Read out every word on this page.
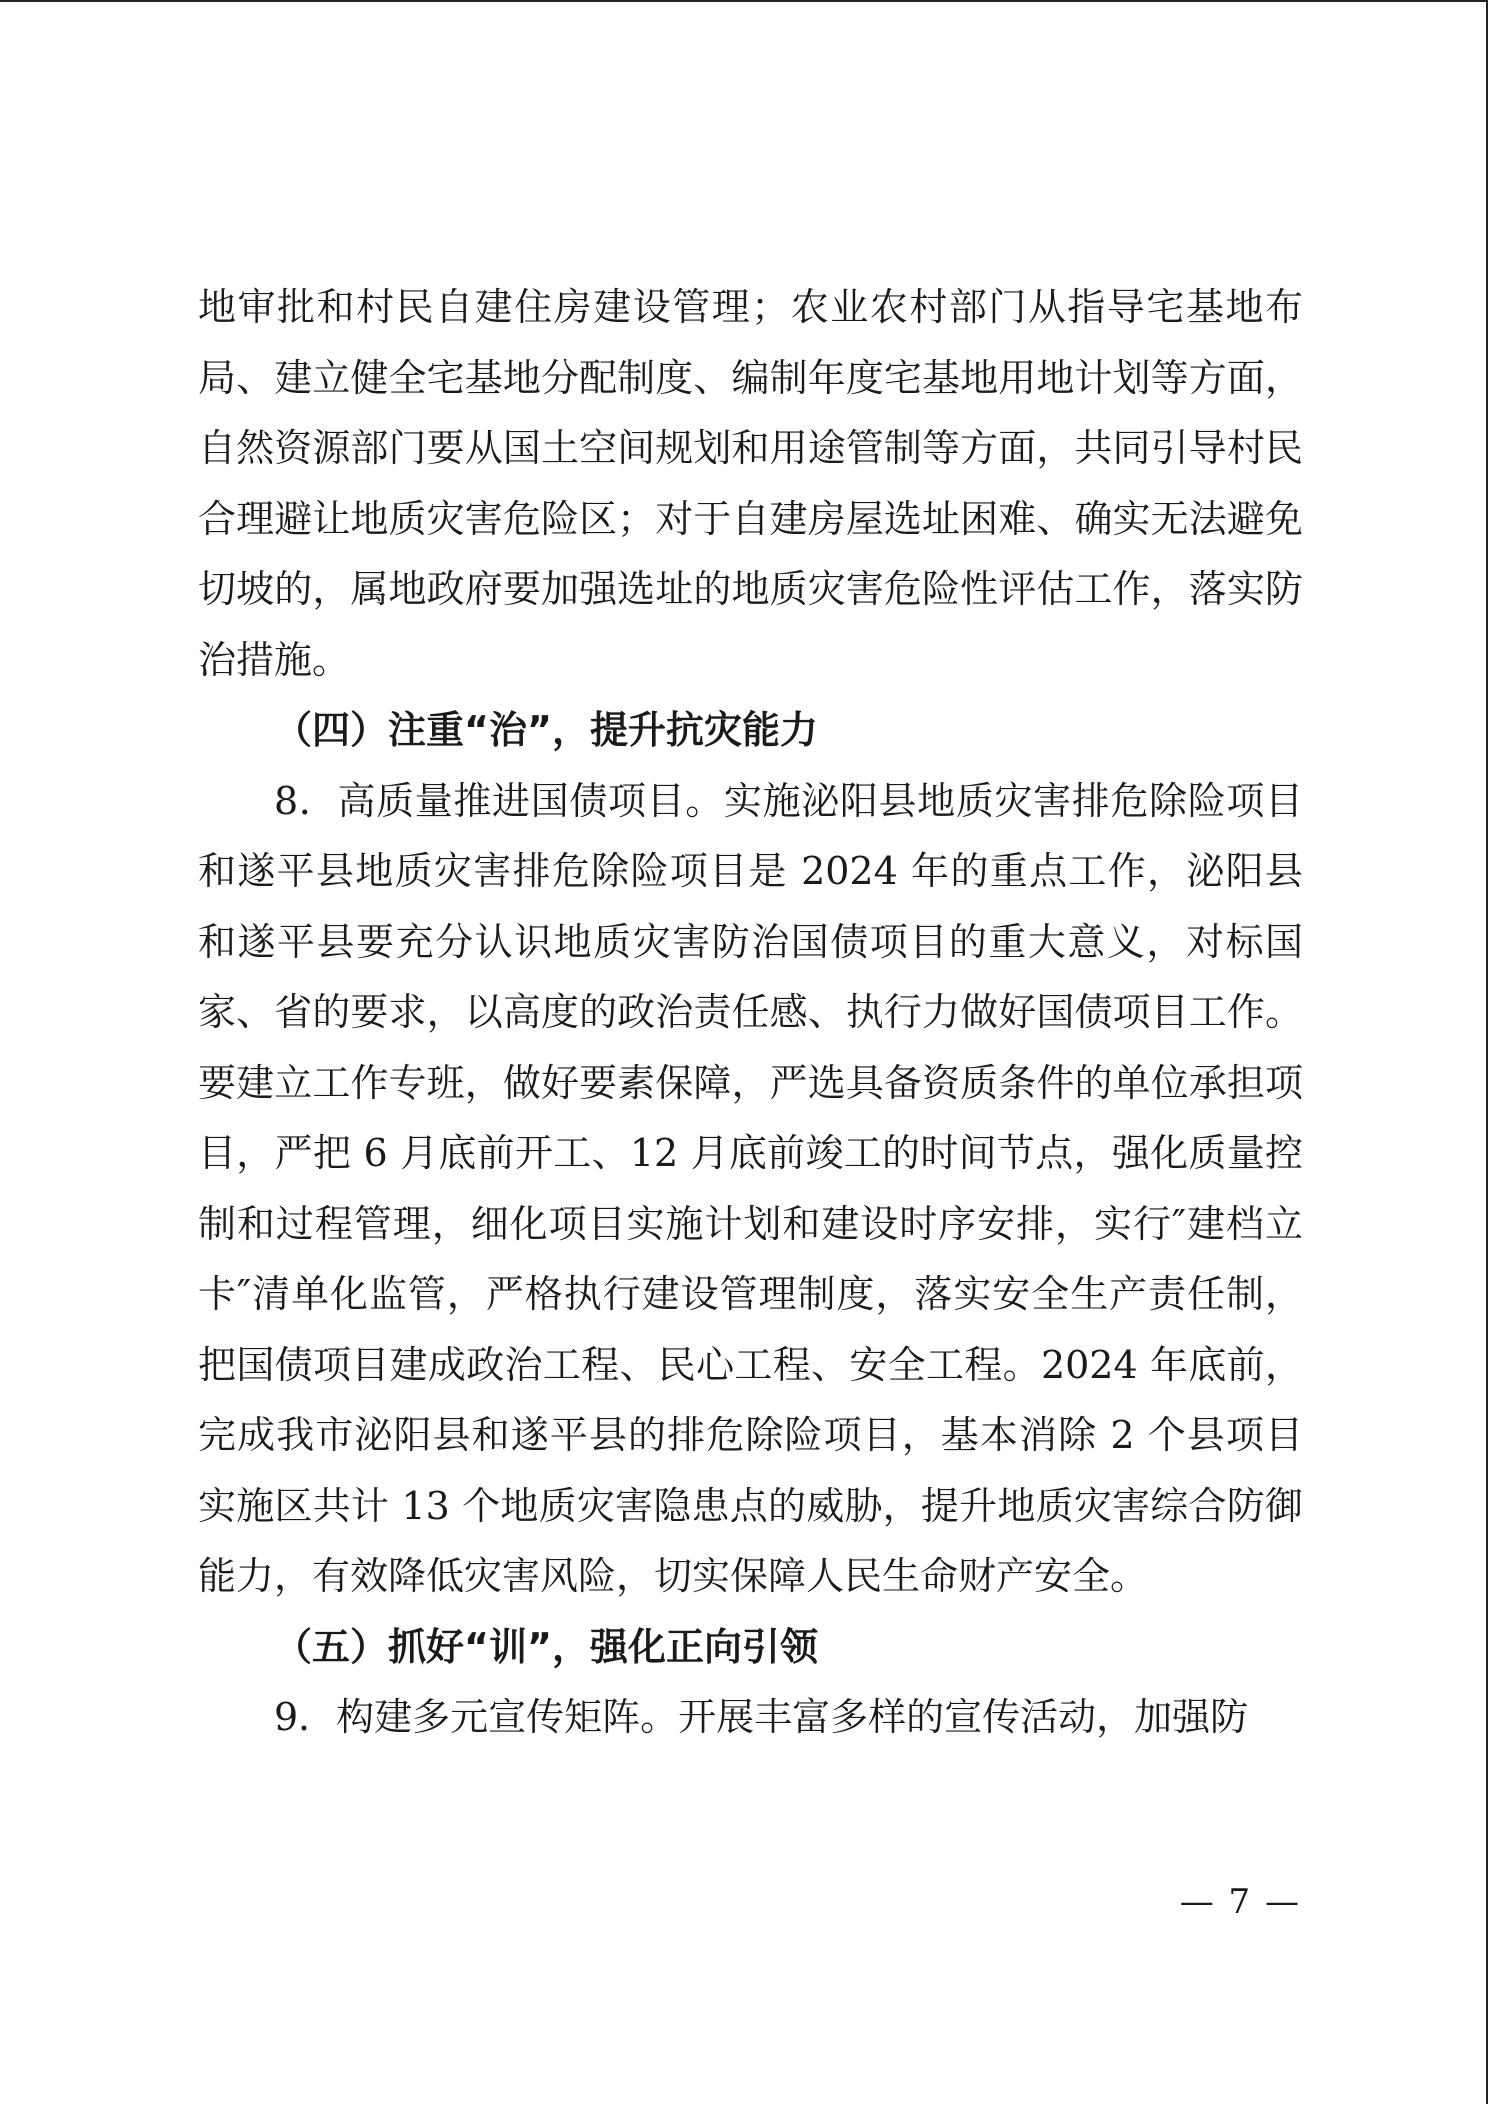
地审批和村民自建住房建设管理；农业农村部门从指导宅基地布局、建立健全宅基地分配制度、编制年度宅基地用地计划等方面，自然资源部门要从国土空间规划和用途管制等方面，共同引导村民合理避让地质灾害危险区；对于自建房屋选址困难、确实无法避免切坡的，属地政府要加强选址的地质灾害危险性评估工作，落实防治措施。

（四）注重“治”，提升抗灾能力

8．高质量推进国债项目。实施泌阳县地质灾害排危除险项目和遂平县地质灾害排危除险项目是 2024 年的重点工作，泌阳县和遂平县要充分认识地质灾害防治国债项目的重大意义，对标国家、省的要求，以高度的政治责任感、执行力做好国债项目工作。要建立工作专班，做好要素保障，严选具备资质条件的单位承担项目，严把 6 月底前开工、12 月底前竣工的时间节点，强化质量控制和过程管理，细化项目实施计划和建设时序安排，实行″建档立卡″清单化监管，严格执行建设管理制度，落实安全生产责任制，把国债项目建成政治工程、民心工程、安全工程。2024 年底前，完成我市泌阳县和遂平县的排危除险项目，基本消除 2 个县项目实施区共计 13 个地质灾害隐患点的威胁，提升地质灾害综合防御能力，有效降低灾害风险，切实保障人民生命财产安全。

（五）抓好“训”，强化正向引领

9．构建多元宣传矩阵。开展丰富多样的宣传活动，加强防

— 7 —
